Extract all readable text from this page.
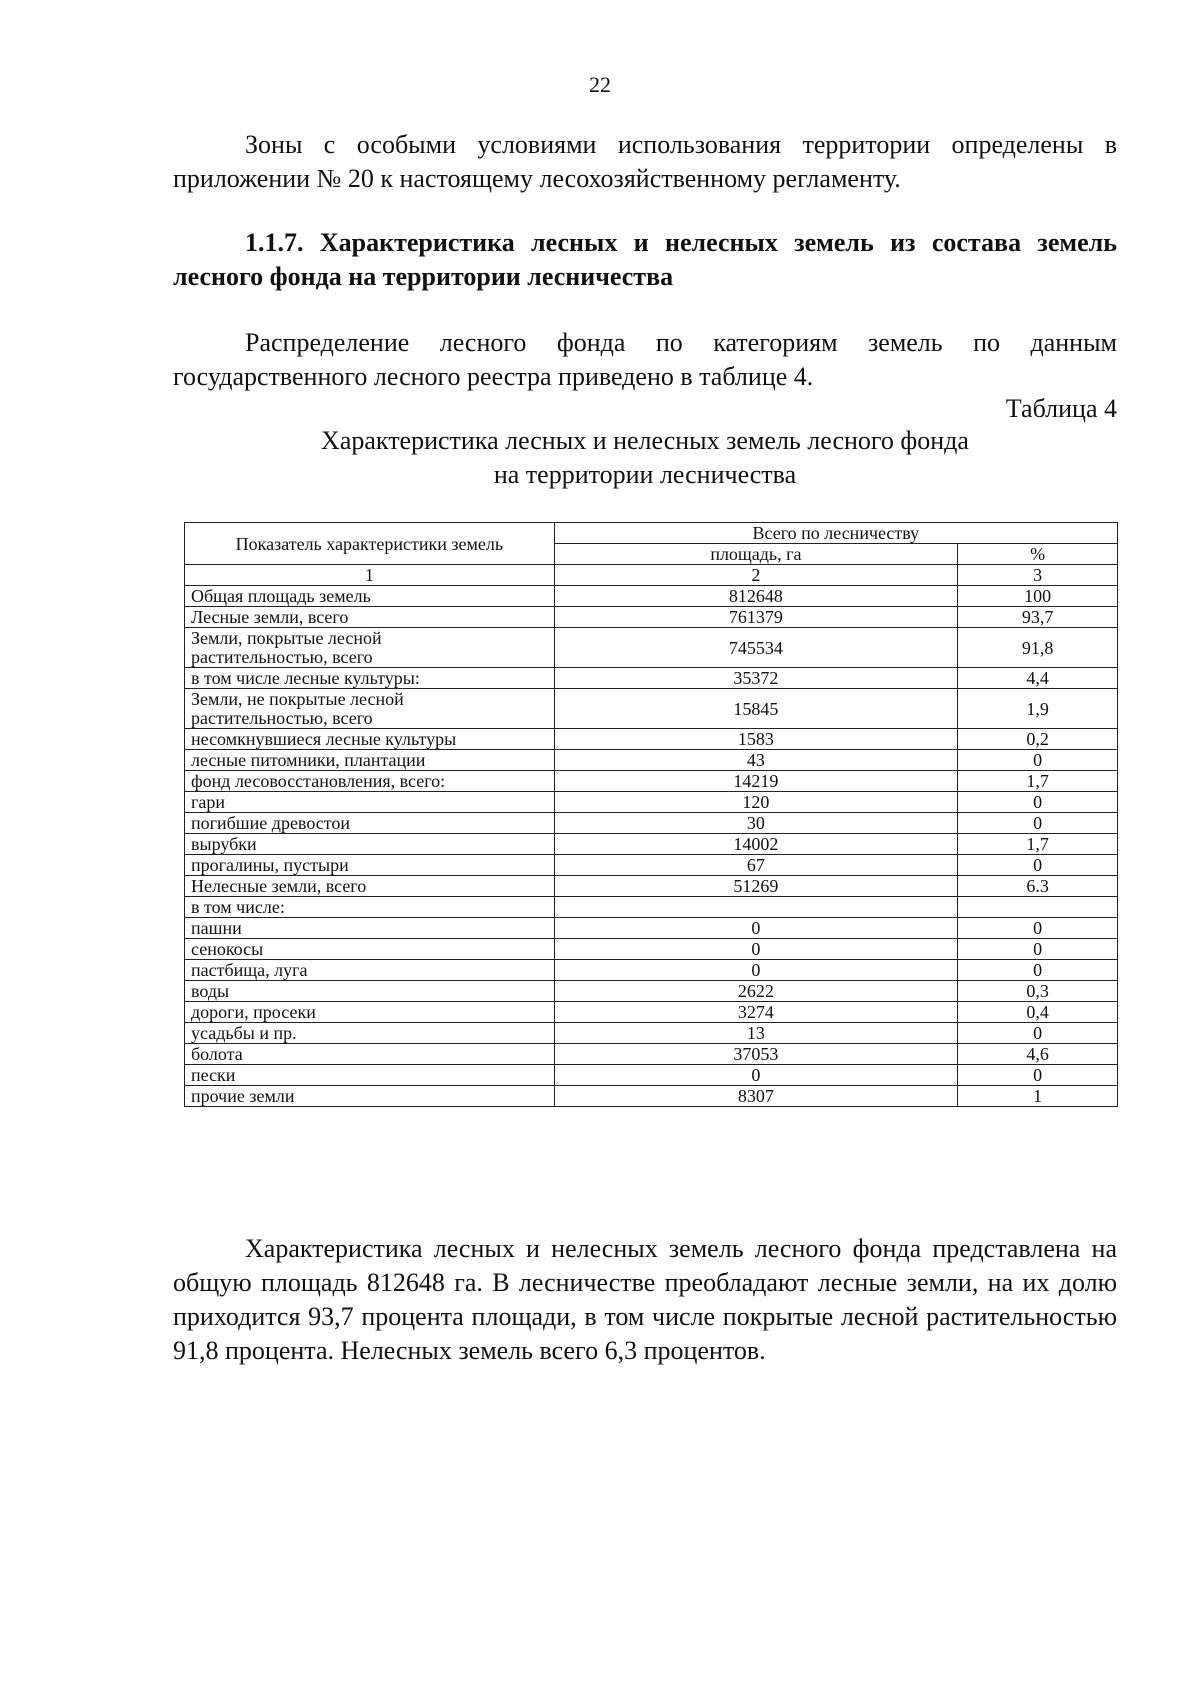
22

Зоны с особыми условиями использования территории определены в приложении № 20 к настоящему лесохозяйственному регламенту.

1.1.7. Характеристика лесных и нелесных земель из состава земель лесного фонда на территории лесничества

Распределение лесного фонда по категориям земель по данным государственного лесного реестра приведено в таблице 4.

Таблица 4
Характеристика лесных и нелесных земель лесного фонда
на территории лесничества
Показатель характеристики земель	Всего по лесничеству	
	площадь, га	%
1	2	3
Общая площадь земель	812648	100
Лесные земли, всего	761379	93,7
Земли, покрытые лесной
растительностью, всего	745534	91,8
в том числе лесные культуры:	35372	4,4
Земли, не покрытые лесной
растительностью, всего	15845	1,9
несомкнувшиеся лесные культуры	1583	0,2
лесные питомники, плантации	43	0
фонд лесовосстановления, всего:	14219	1,7
гари	120	0
погибшие древостои	30	0
вырубки	14002	1,7
прогалины, пустыри	67	0
Нелесные земли, всего	51269	6.3
в том числе:		
пашни	0	0
сенокосы	0	0
пастбища, луга	0	0
воды	2622	0,3
дороги, просеки	3274	0,4
усадьбы и пр.	13	0
болота	37053	4,6
пески	0	0
прочие земли	8307	1

Характеристика лесных и нелесных земель лесного фонда представлена на общую площадь 812648 га. В лесничестве преобладают лесные земли, на их долю приходится 93,7 процента площади, в том числе покрытые лесной растительностью 91,8 процента. Нелесных земель всего 6,3 процентов.
